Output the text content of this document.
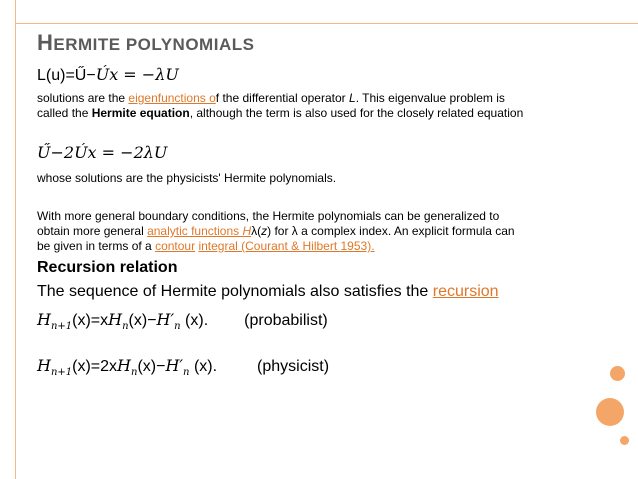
HERMITE POLYNOMIALS
L(u)=Ű−Ú𝑥 = −𝜆𝑈
solutions are the eigenfunctions of the differential operator L. This eigenvalue problem is
called the Hermite equation, although the term is also used for the closely related equation
Ű−2Ú𝑥 = −2𝜆𝑈
whose solutions are the physicists' Hermite polynomials.
With more general boundary conditions, the Hermite polynomials can be generalized to
obtain more general analytic functions Hλ(z) for λ a complex index. An explicit formula can
be given in terms of a contour integral (Courant & Hilbert 1953).
Recursion relation
The sequence of Hermite polynomials also satisfies the recursion
$𝐻_{𝑛+1}(x)=x𝐻_𝑛(x)-𝐻'_𝑛$ (x). (probabilist)
$𝐻_{𝑛+1}(x)=2x𝐻_𝑛(x)-𝐻'_𝑛$ (x).	(physicist)
